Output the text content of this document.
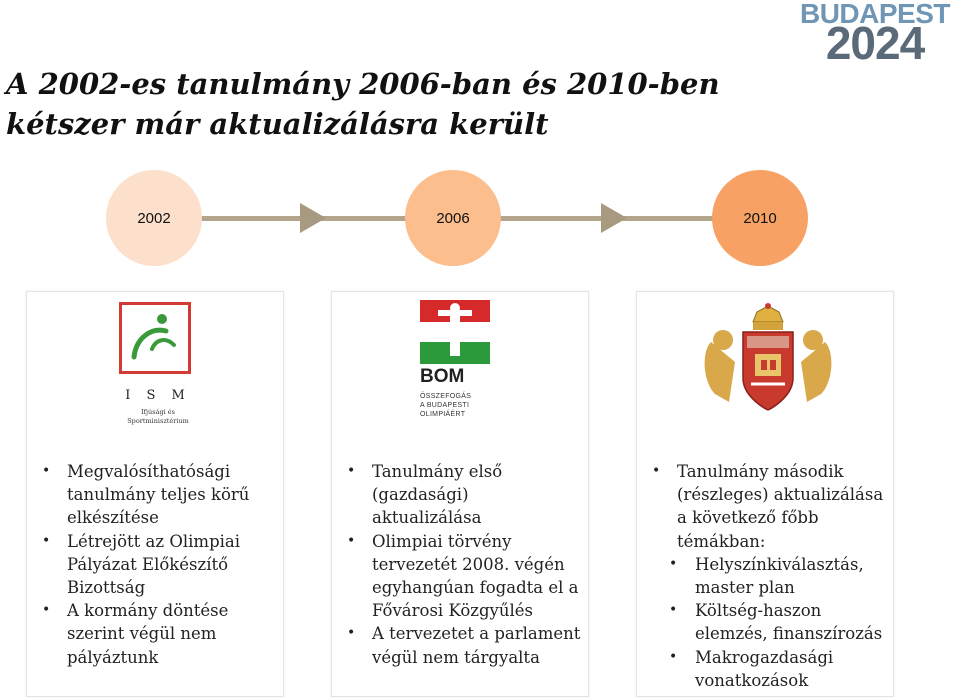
A 2002-es tanulmány 2006-ban és 2010-ben kétszer már aktualizálásra került
BUDAPEST
2024
2002	2006	2010
I S M
Ifjúsági és Sportminisztérium
• Megvalósíthatósági tanulmány teljes körű elkészítése
• Létrejött az Olimpiai Pályázat Előkészítő Bizottság
• A kormány döntése szerint végül nem pályáztunk
BOM
ÖSSZEFOGÁS
A BUDAPESTI
OLIMPIÁÉRT
• Tanulmány első (gazdasági) aktualizálása
• Olimpiai törvény tervezetét 2008. végén egyhangúan fogadta el a Fővárosi Közgyűlés
• A tervezetet a parlament végül nem tárgyalta
• Tanulmány második (részleges) aktualizálása a következő főbb témákban:
• Helyszínkiválasztás, master plan
• Költség-haszon elemzés, finanszírozás
• Makrogazdasági vonatkozások
